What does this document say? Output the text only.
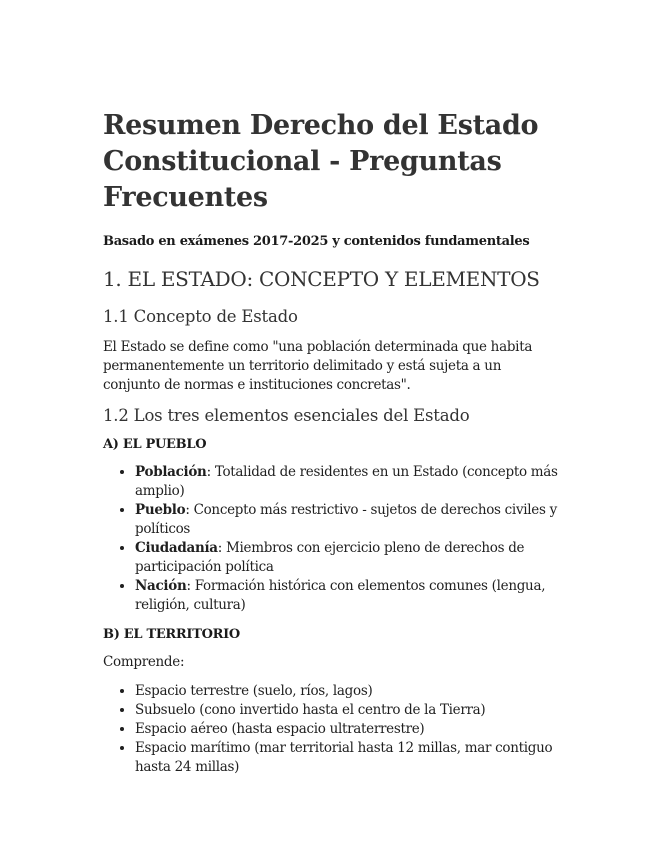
Resumen Derecho del Estado Constitucional - Preguntas Frecuentes
Basado en exámenes 2017-2025 y contenidos fundamentales
1. EL ESTADO: CONCEPTO Y ELEMENTOS
1.1 Concepto de Estado

El Estado se define como "una población determinada que habita permanentemente un territorio delimitado y está sujeta a un conjunto de normas e instituciones concretas".

1.2 Los tres elementos esenciales del Estado
A) EL PUEBLO
• Población: Totalidad de residentes en un Estado (concepto más amplio)
• Pueblo: Concepto más restrictivo - sujetos de derechos civiles y políticos
• Ciudadanía: Miembros con ejercicio pleno de derechos de participación política
• Nación: Formación histórica con elementos comunes (lengua, religión, cultura)
B) EL TERRITORIO

Comprende:

• Espacio terrestre (suelo, ríos, lagos)
• Subsuelo (cono invertido hasta el centro de la Tierra)
• Espacio aéreo (hasta espacio ultraterrestre)
• Espacio marítimo (mar territorial hasta 12 millas, mar contiguo hasta 24 millas)
